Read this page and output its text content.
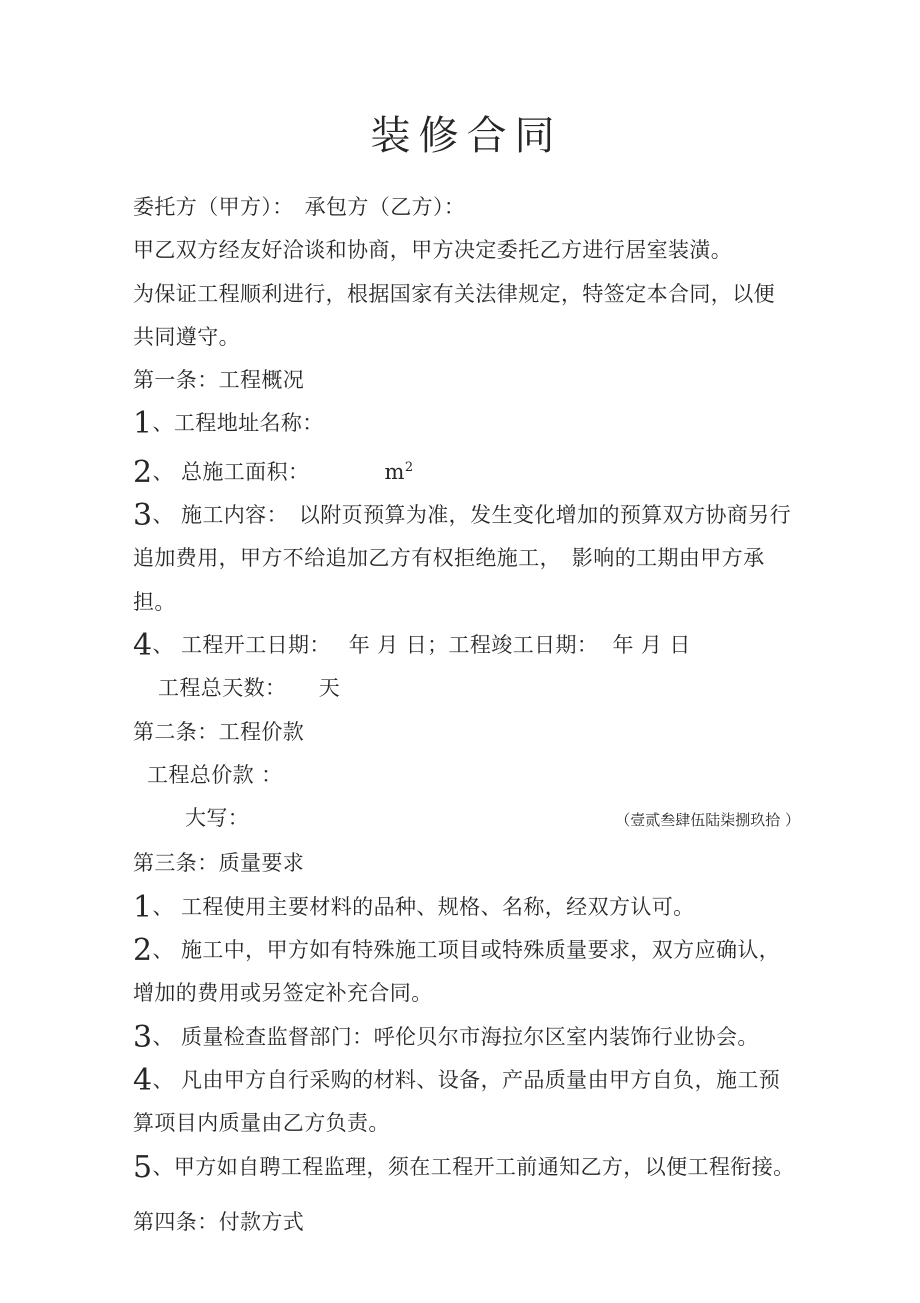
装修合同
委托方（甲方）：　承包方（乙方）：
甲乙双方经友好洽谈和协商，甲方决定委托乙方进行居室装潢。
为保证工程顺利进行，根据国家有关法律规定，特签定本合同，以便
共同遵守。
第一条：工程概况
1、工程地址名称：
2、 总施工面积：　　　　	$m^2$
3、 施工内容：　以附页预算为准，发生变化增加的预算双方协商另行
追加费用，甲方不给追加乙方有权拒绝施工，　影响的工期由甲方承担。
4、 工程开工日期：　 年 月 日；工程竣工日期：  年 月 日
工程总天数：　　 天
第二条：工程价款
工程总价款 ：
大写：	（壹贰叁肆伍陆柒捌玖拾 ）
第三条：质量要求
1、 工程使用主要材料的品种、规格、名称，经双方认可。
2、 施工中，甲方如有特殊施工项目或特殊质量要求，双方应确认，
增加的费用或另签定补充合同。
3、 质量检查监督部门：呼伦贝尔市海拉尔区室内装饰行业协会。
4、 凡由甲方自行采购的材料、设备，产品质量由甲方自负，施工预
算项目内质量由乙方负责。
5、甲方如自聘工程监理，须在工程开工前通知乙方，以便工程衔接。
第四条：付款方式
